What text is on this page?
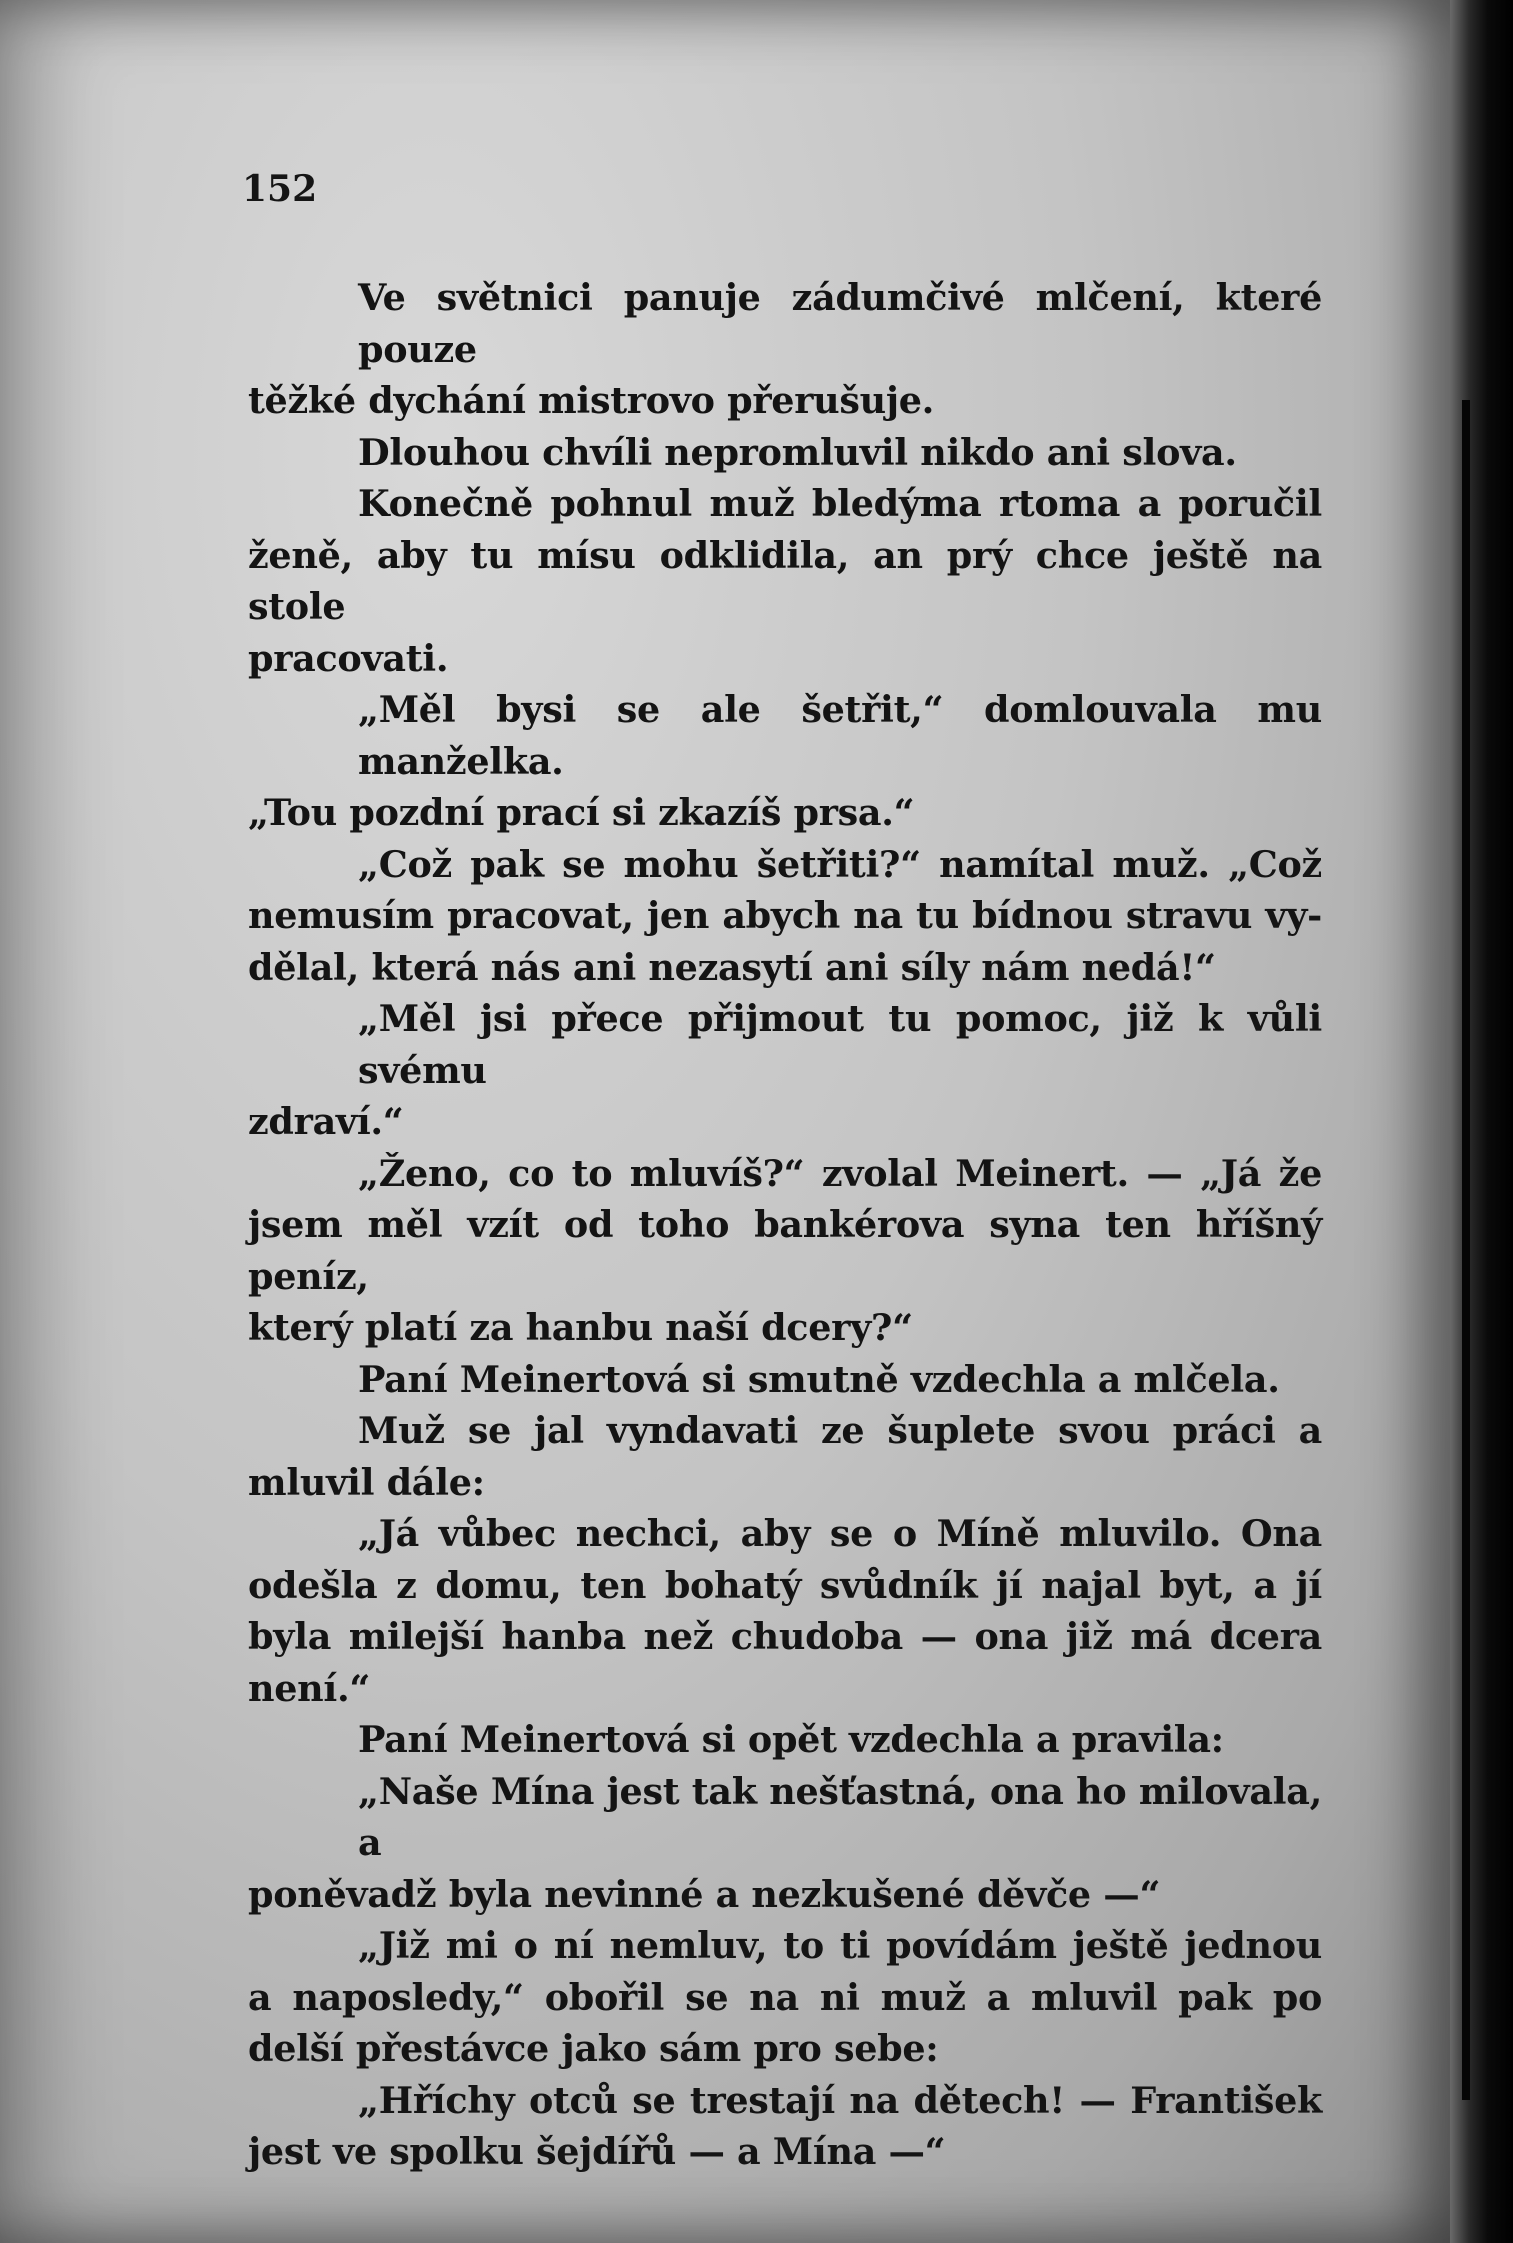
152
Ve světnici panuje zádumčivé mlčení, které pouze
těžké dychání mistrovo přerušuje.
Dlouhou chvíli nepromluvil nikdo ani slova.
Konečně pohnul muž bledýma rtoma a poručil
ženě, aby tu mísu odklidila, an prý chce ještě na stole
pracovati.
„Měl bysi se ale šetřit,“ domlouvala mu manželka.
„Tou pozdní prací si zkazíš prsa.“
„Což pak se mohu šetřiti?“ namítal muž. „Což
nemusím pracovat, jen abych na tu bídnou stravu vy-
dělal, která nás ani nezasytí ani síly nám nedá!“
„Měl jsi přece přijmout tu pomoc, již k vůli svému
zdraví.“
„Ženo, co to mluvíš?“ zvolal Meinert. — „Já že
jsem měl vzít od toho bankérova syna ten hříšný peníz,
který platí za hanbu naší dcery?“
Paní Meinertová si smutně vzdechla a mlčela.
Muž se jal vyndavati ze šuplete svou práci a
mluvil dále:
„Já vůbec nechci, aby se o Míně mluvilo. Ona
odešla z domu, ten bohatý svůdník jí najal byt, a jí
byla milejší hanba než chudoba — ona již má dcera
není.“
Paní Meinertová si opět vzdechla a pravila:
„Naše Mína jest tak nešťastná, ona ho milovala, a
poněvadž byla nevinné a nezkušené děvče —“
„Již mi o ní nemluv, to ti povídám ještě jednou
a naposledy,“ obořil se na ni muž a mluvil pak po
delší přestávce jako sám pro sebe:
„Hříchy otců se trestají na dětech! — František
jest ve spolku šejdířů — a Mína —“
